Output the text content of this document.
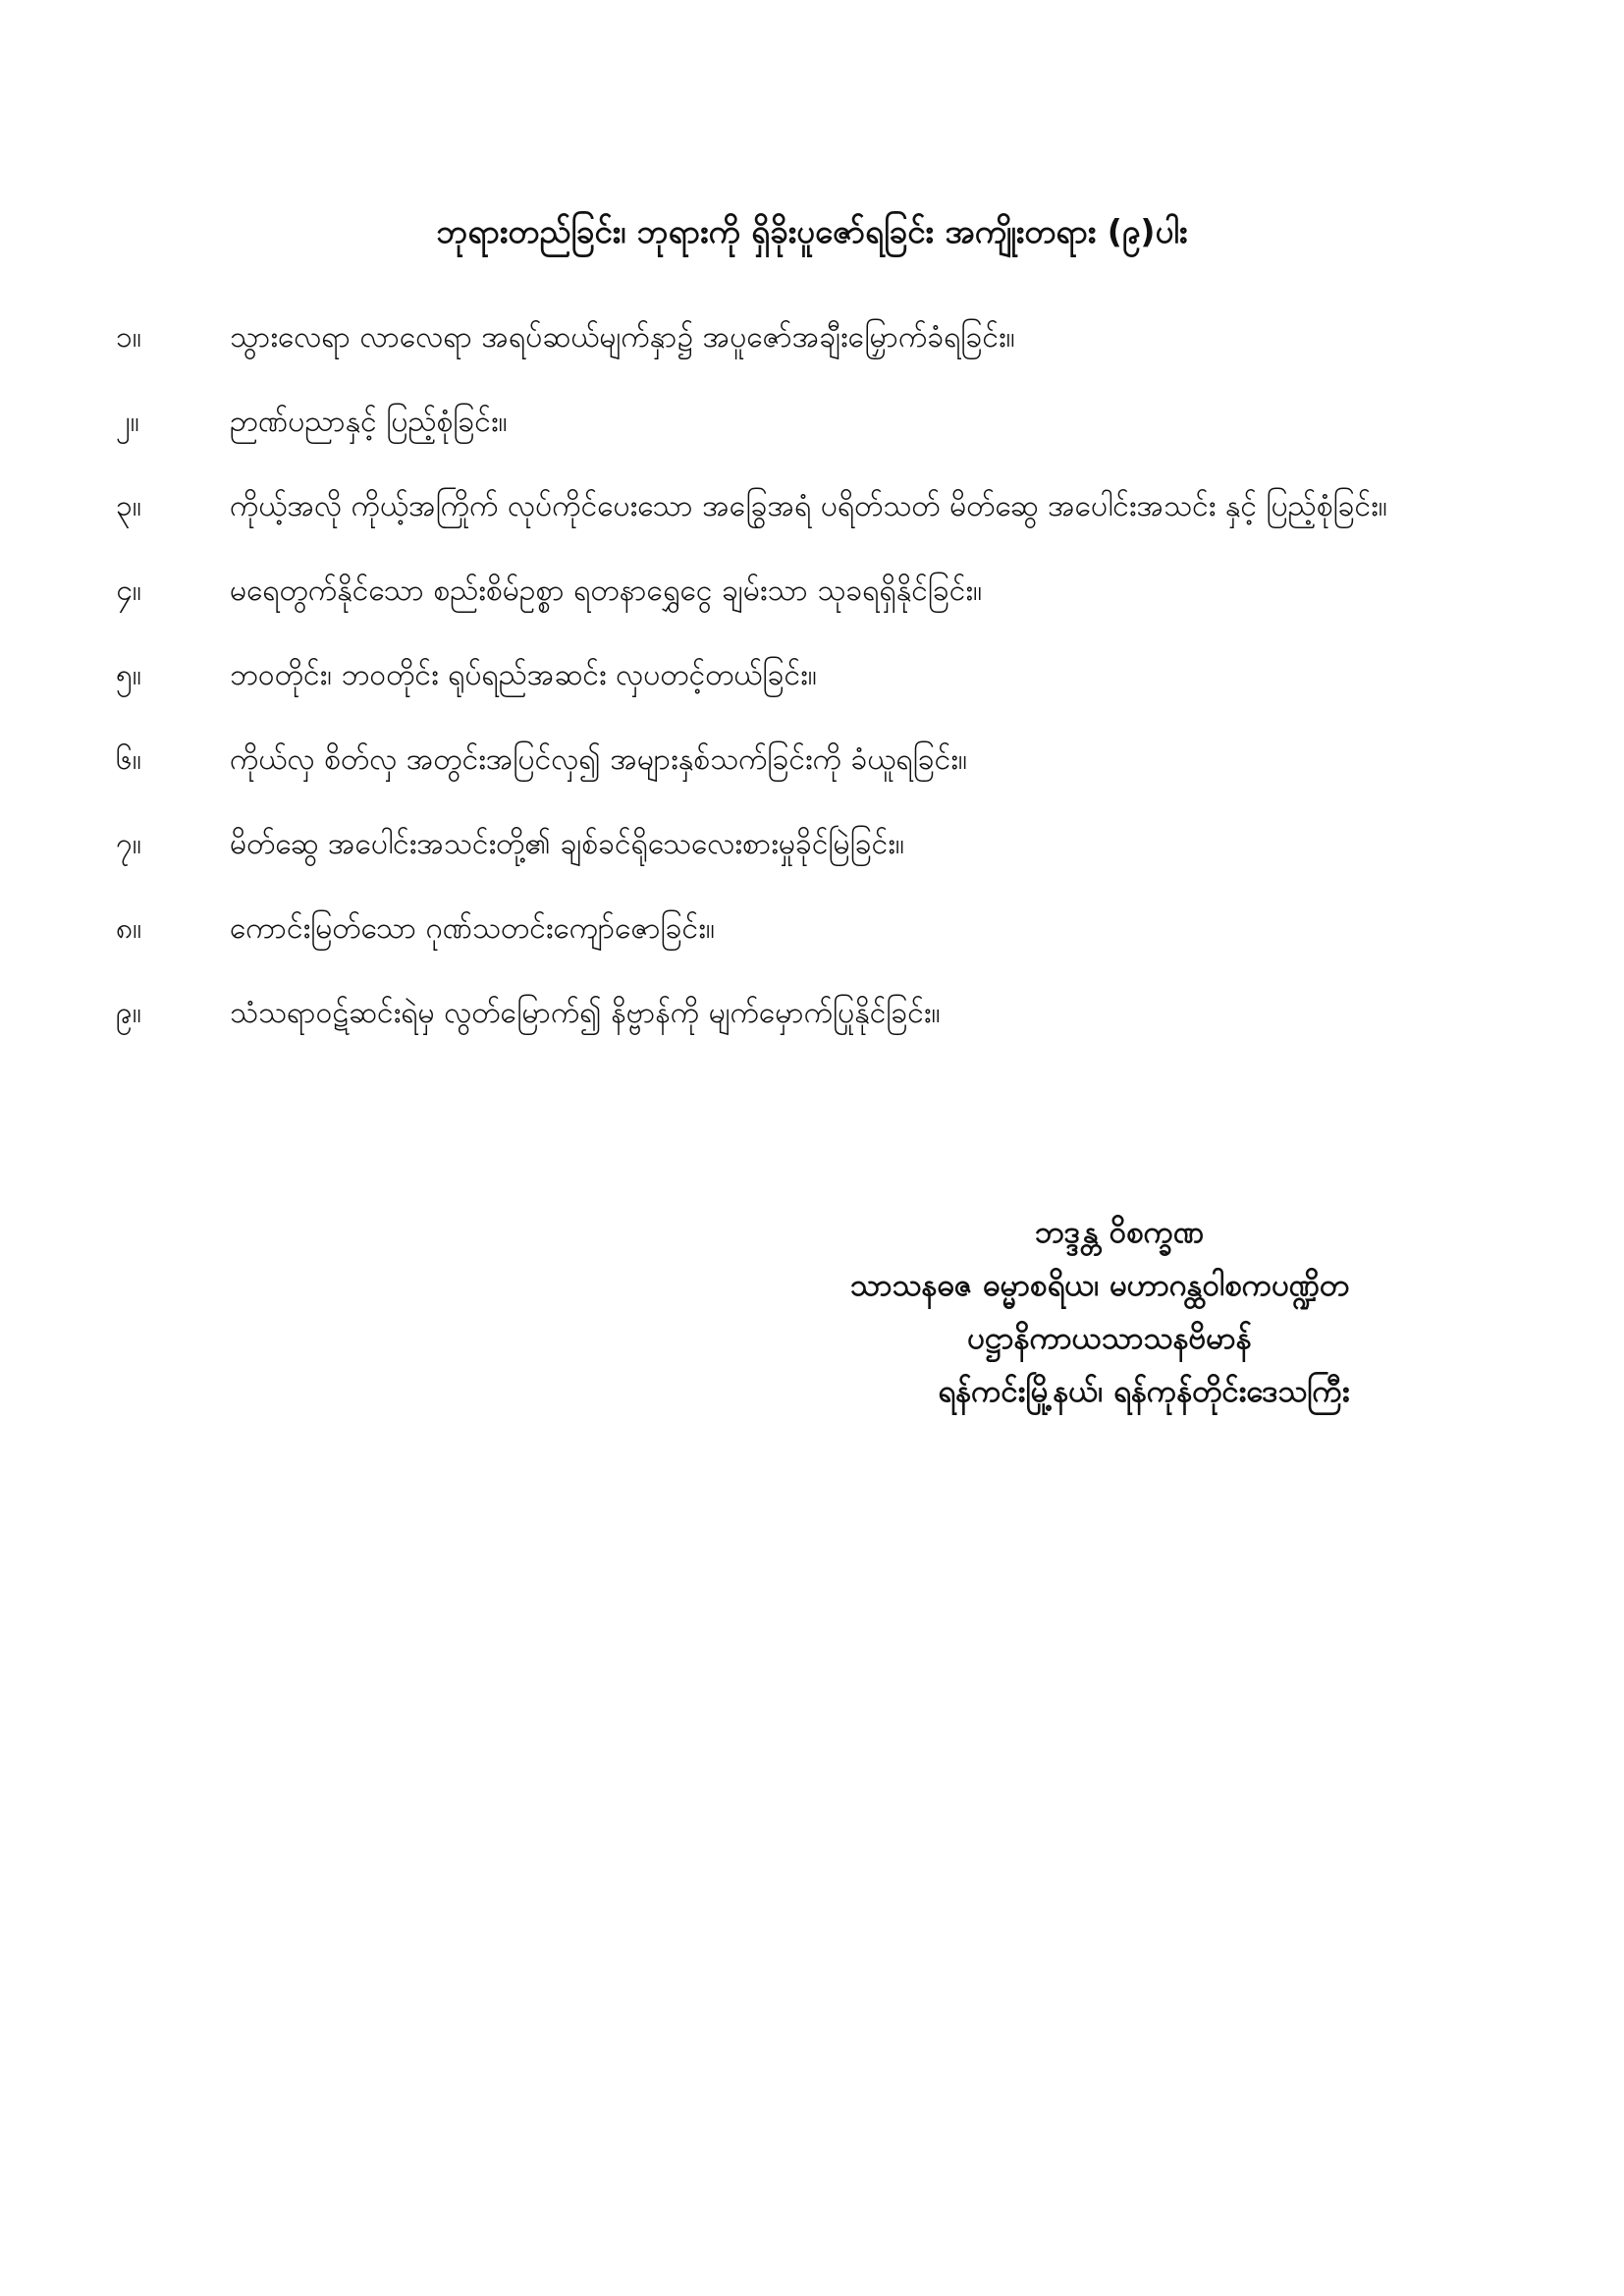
ဘုရားတည်ခြင်း၊ ဘုရားကို ရှိခိုးပူဇော်ရခြင်း အကျိုးတရား (၉)ပါး
၁။	သွားလေရာ လာလေရာ အရပ်ဆယ်မျက်နှာ၌ အပူဇော်အချီးမြှောက်ခံရခြင်း။
၂။	ဉာဏ်ပညာနှင့် ပြည့်စုံခြင်း။
၃။	ကိုယ့်အလို ကိုယ့်အကြိုက် လုပ်ကိုင်ပေးသော အခြွေအရံ ပရိတ်သတ် မိတ်ဆွေ အပေါင်းအသင်း နှင့် ပြည့်စုံခြင်း။
၄။	မရေတွက်နိုင်သော စည်းစိမ်ဥစ္စာ ရတနာရွှေငွေ ချမ်းသာ သုခရရှိနိုင်ခြင်း။
၅။	ဘဝတိုင်း၊ ဘဝတိုင်း ရုပ်ရည်အဆင်း လှပတင့်တယ်ခြင်း။
၆။	ကိုယ်လှ စိတ်လှ အတွင်းအပြင်လှ၍ အများနှစ်သက်ခြင်းကို ခံယူရခြင်း။
၇။	မိတ်ဆွေ အပေါင်းအသင်းတို့၏ ချစ်ခင်ရိုသေလေးစားမှုခိုင်မြဲခြင်း။
၈။	ကောင်းမြတ်သော ဂုဏ်သတင်းကျော်ဇောခြင်း။
၉။	သံသရာဝဋ်ဆင်းရဲမှ လွတ်မြောက်၍ နိဗ္ဗာန်ကို မျက်မှောက်ပြုနိုင်ခြင်း။
ဘဒ္ဒန္တ ဝိစက္ခဏ
သာသနဓဇ ဓမ္မာစရိယ၊ မဟာဂန္ထဝါစကပဏ္ဍိတ
ပဋ္ဌာနိကာယသာသနဗိမာန်
ရန်ကင်းမြို့နယ်၊ ရန်ကုန်တိုင်းဒေသကြီး
